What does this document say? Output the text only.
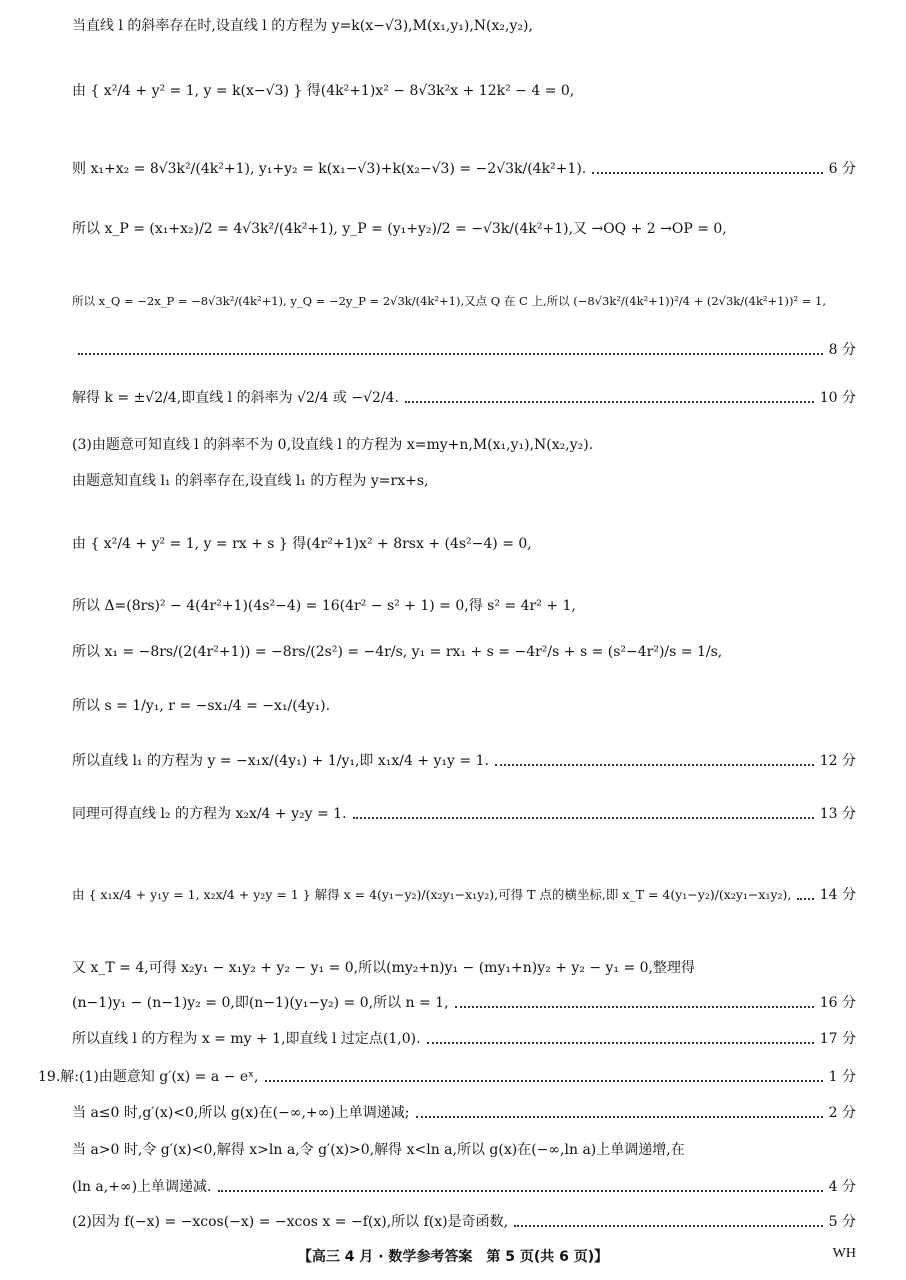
当直线 l 的斜率存在时,设直线 l 的方程为 y=k(x−√3),M(x₁,y₁),N(x₂,y₂),
由 { x²/4 + y² = 1, y = k(x−√3) } 得(4k²+1)x² − 8√3k²x + 12k² − 4 = 0,
则 x₁+x₂ = 8√3k²/(4k²+1), y₁+y₂ = k(x₁−√3)+k(x₂−√3) = −2√3k/(4k²+1).	6 分
所以 x_P = (x₁+x₂)/2 = 4√3k²/(4k²+1), y_P = (y₁+y₂)/2 = −√3k/(4k²+1),又 →OQ + 2 →OP = 0,
所以 x_Q = −2x_P = −8√3k²/(4k²+1), y_Q = −2y_P = 2√3k/(4k²+1),又点 Q 在 C 上,所以 (−8√3k²/(4k²+1))²/4 + (2√3k/(4k²+1))² = 1,
8 分
解得 k = ±√2/4,即直线 l 的斜率为 √2/4 或 −√2/4.	10 分
(3)由题意可知直线 l 的斜率不为 0,设直线 l 的方程为 x=my+n,M(x₁,y₁),N(x₂,y₂).
由题意知直线 l₁ 的斜率存在,设直线 l₁ 的方程为 y=rx+s,
由 { x²/4 + y² = 1, y = rx + s } 得(4r²+1)x² + 8rsx + (4s²−4) = 0,
所以 Δ=(8rs)² − 4(4r²+1)(4s²−4) = 16(4r² − s² + 1) = 0,得 s² = 4r² + 1,
所以 x₁ = −8rs/(2(4r²+1)) = −8rs/(2s²) = −4r/s, y₁ = rx₁ + s = −4r²/s + s = (s²−4r²)/s = 1/s,
所以 s = 1/y₁, r = −sx₁/4 = −x₁/(4y₁).
所以直线 l₁ 的方程为 y = −x₁x/(4y₁) + 1/y₁,即 x₁x/4 + y₁y = 1.	12 分
同理可得直线 l₂ 的方程为 x₂x/4 + y₂y = 1.	13 分
由 { x₁x/4 + y₁y = 1, x₂x/4 + y₂y = 1 } 解得 x = 4(y₁−y₂)/(x₂y₁−x₁y₂),可得 T 点的横坐标,即 x_T = 4(y₁−y₂)/(x₂y₁−x₁y₂), 14 分
又 x_T = 4,可得 x₂y₁ − x₁y₂ + y₂ − y₁ = 0,所以(my₂+n)y₁ − (my₁+n)y₂ + y₂ − y₁ = 0,整理得
(n−1)y₁ − (n−1)y₂ = 0,即(n−1)(y₁−y₂) = 0,所以 n = 1,	16 分
所以直线 l 的方程为 x = my + 1,即直线 l 过定点(1,0).	17 分
19.解:(1)由题意知 g′(x) = a − eˣ,	1 分
当 a≤0 时,g′(x)<0,所以 g(x)在(−∞,+∞)上单调递减;	2 分
当 a>0 时,令 g′(x)<0,解得 x>ln a,令 g′(x)>0,解得 x<ln a,所以 g(x)在(−∞,ln a)上单调递增,在
(ln a,+∞)上单调递减.	4 分
(2)因为 f(−x) = −xcos(−x) = −xcos x = −f(x),所以 f(x)是奇函数,	5 分
【高三 4 月 · 数学参考答案　第 5 页(共 6 页)】	WH
